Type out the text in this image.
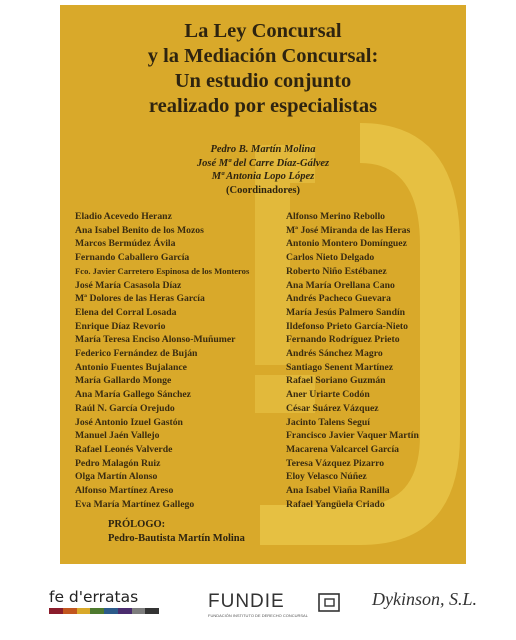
La Ley Concursal
y la Mediación Concursal:
Un estudio conjunto
realizado por especialistas
Pedro B. Martín Molina
José Mª del Carre Díaz-Gálvez
Mª Antonia Lopo López
(Coordinadores)
Eladio Acevedo Heranz
Ana Isabel Benito de los Mozos
Marcos Bermúdez Ávila
Fernando Caballero García
Fco. Javier Carretero Espinosa de los Monteros
José María Casasola Díaz
Mª Dolores de las Heras García
Elena del Corral Losada
Enrique Díaz Revorio
María Teresa Enciso Alonso-Muñumer
Federico Fernández de Buján
Antonio Fuentes Bujalance
María Gallardo Monge
Ana María Gallego Sánchez
Raúl N. García Orejudo
José Antonio Izuel Gastón
Manuel Jaén Vallejo
Rafael Leonés Valverde
Pedro Malagón Ruiz
Olga Martín Alonso
Alfonso Martínez Areso
Eva María Martínez Gallego
Alfonso Merino Rebollo
Mª José Miranda de las Heras
Antonio Montero Domínguez
Carlos Nieto Delgado
Roberto Niño Estébanez
Ana María Orellana Cano
Andrés Pacheco Guevara
María Jesús Palmero Sandín
Ildefonso Prieto García-Nieto
Fernando Rodríguez Prieto
Andrés Sánchez Magro
Santiago Senent Martínez
Rafael Soriano Guzmán
Aner Uriarte Codón
César Suárez Vázquez
Jacinto Talens Seguí
Francisco Javier Vaquer Martín
Macarena Valcarcel García
Teresa Vázquez Pizarro
Eloy Velasco Núñez
Ana Isabel Viaña Ranilla
Rafael Yangüela Criado
PRÓLOGO:
Pedro-Bautista Martín Molina
fe d'erratas	FUNDIE
FUNDACIÓN INSTITUTO DE DERECHO CONCURSAL
Dykinson, S.L.
